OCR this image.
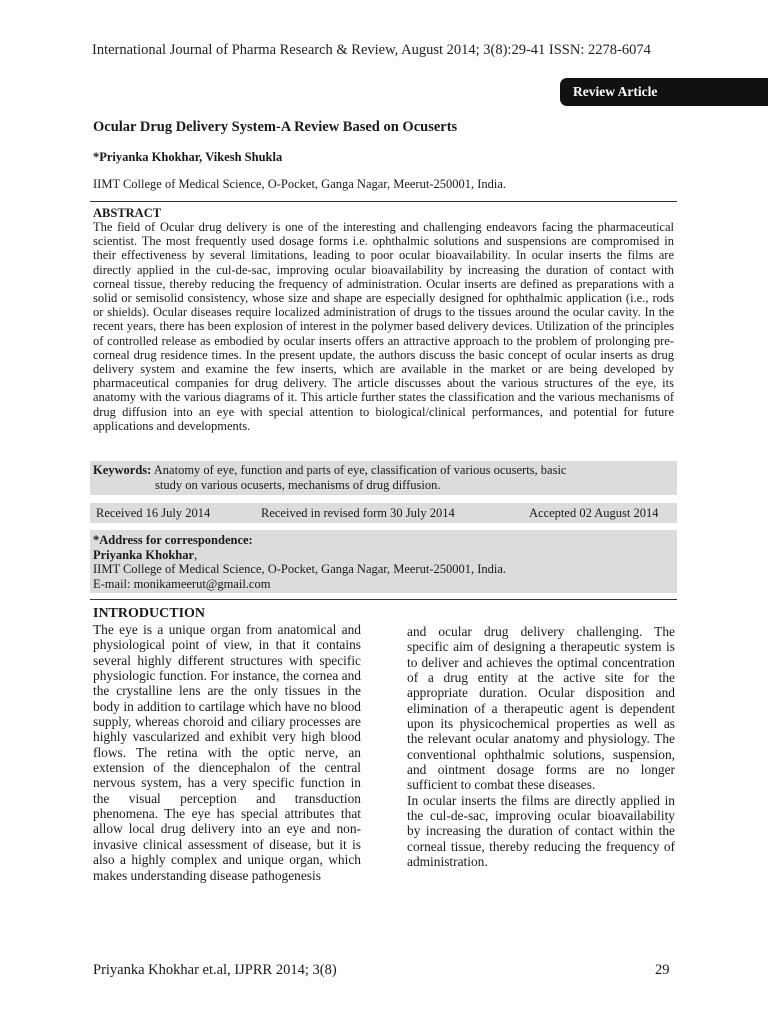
International Journal of Pharma Research & Review, August 2014; 3(8):29-41 ISSN: 2278-6074
Review Article
Ocular Drug Delivery System-A Review Based on Ocuserts
*Priyanka Khokhar, Vikesh Shukla
IIMT College of Medical Science, O-Pocket, Ganga Nagar, Meerut-250001, India.
ABSTRACT
The field of Ocular drug delivery is one of the interesting and challenging endeavors facing the pharmaceutical scientist. The most frequently used dosage forms i.e. ophthalmic solutions and suspensions are compromised in their effectiveness by several limitations, leading to poor ocular bioavailability. In ocular inserts the films are directly applied in the cul-de-sac, improving ocular bioavailability by increasing the duration of contact with corneal tissue, thereby reducing the frequency of administration. Ocular inserts are defined as preparations with a solid or semisolid consistency, whose size and shape are especially designed for ophthalmic application (i.e., rods or shields). Ocular diseases require localized administration of drugs to the tissues around the ocular cavity. In the recent years, there has been explosion of interest in the polymer based delivery devices. Utilization of the principles of controlled release as embodied by ocular inserts offers an attractive approach to the problem of prolonging pre-corneal drug residence times. In the present update, the authors discuss the basic concept of ocular inserts as drug delivery system and examine the few inserts, which are available in the market or are being developed by pharmaceutical companies for drug delivery. The article discusses about the various structures of the eye, its anatomy with the various diagrams of it. This article further states the classification and the various mechanisms of drug diffusion into an eye with special attention to biological/clinical performances, and potential for future applications and developments.
Keywords: Anatomy of eye, function and parts of eye, classification of various ocuserts, basic
study on various ocuserts, mechanisms of drug diffusion.
Received 16 July 2014	Received in revised form 30 July 2014	Accepted 02 August 2014
*Address for correspondence:
Priyanka Khokhar,
IIMT College of Medical Science, O-Pocket, Ganga Nagar, Meerut-250001, India.
E-mail: monikameerut@gmail.com
INTRODUCTION

The eye is a unique organ from anatomical and physiological point of view, in that it contains several highly different structures with specific physiologic function. For instance, the cornea and the crystalline lens are the only tissues in the body in addition to cartilage which have no blood supply, whereas choroid and ciliary processes are highly vascularized and exhibit very high blood flows. The retina with the optic nerve, an extension of the diencephalon of the central nervous system, has a very specific function in the visual perception and transduction phenomena. The eye has special attributes that allow local drug delivery into an eye and non-invasive clinical assessment of disease, but it is also a highly complex and unique organ, which makes understanding disease pathogenesis

and ocular drug delivery challenging. The specific aim of designing a therapeutic system is to deliver and achieves the optimal concentration of a drug entity at the active site for the appropriate duration. Ocular disposition and elimination of a therapeutic agent is dependent upon its physicochemical properties as well as the relevant ocular anatomy and physiology. The conventional ophthalmic solutions, suspension, and ointment dosage forms are no longer sufficient to combat these diseases.

In ocular inserts the films are directly applied in the cul-de-sac, improving ocular bioavailability by increasing the duration of contact within the corneal tissue, thereby reducing the frequency of administration.

Priyanka Khokhar et.al, IJPRR 2014; 3(8)	29
